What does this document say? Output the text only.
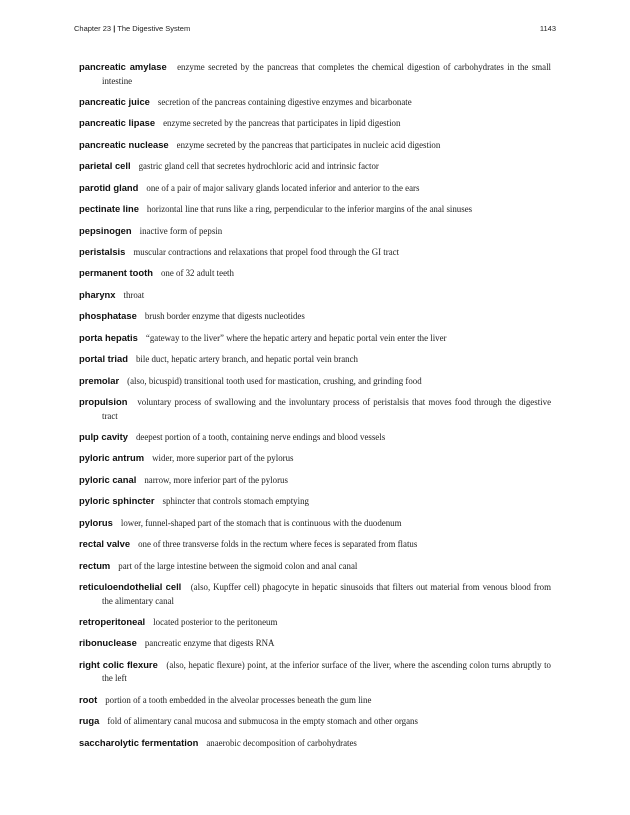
Chapter 23 | The Digestive System	1143

pancreatic amylase enzyme secreted by the pancreas that completes the chemical digestion of carbohydrates in the small intestine

pancreatic juice secretion of the pancreas containing digestive enzymes and bicarbonate

pancreatic lipase enzyme secreted by the pancreas that participates in lipid digestion

pancreatic nuclease enzyme secreted by the pancreas that participates in nucleic acid digestion

parietal cell gastric gland cell that secretes hydrochloric acid and intrinsic factor

parotid gland one of a pair of major salivary glands located inferior and anterior to the ears

pectinate line horizontal line that runs like a ring, perpendicular to the inferior margins of the anal sinuses

pepsinogen inactive form of pepsin

peristalsis muscular contractions and relaxations that propel food through the GI tract

permanent tooth one of 32 adult teeth

pharynx throat

phosphatase brush border enzyme that digests nucleotides

porta hepatis “gateway to the liver” where the hepatic artery and hepatic portal vein enter the liver

portal triad bile duct, hepatic artery branch, and hepatic portal vein branch

premolar (also, bicuspid) transitional tooth used for mastication, crushing, and grinding food

propulsion voluntary process of swallowing and the involuntary process of peristalsis that moves food through the digestive tract

pulp cavity deepest portion of a tooth, containing nerve endings and blood vessels

pyloric antrum wider, more superior part of the pylorus

pyloric canal narrow, more inferior part of the pylorus

pyloric sphincter sphincter that controls stomach emptying

pylorus lower, funnel-shaped part of the stomach that is continuous with the duodenum

rectal valve one of three transverse folds in the rectum where feces is separated from flatus

rectum part of the large intestine between the sigmoid colon and anal canal

reticuloendothelial cell (also, Kupffer cell) phagocyte in hepatic sinusoids that filters out material from venous blood from the alimentary canal

retroperitoneal located posterior to the peritoneum

ribonuclease pancreatic enzyme that digests RNA

right colic flexure (also, hepatic flexure) point, at the inferior surface of the liver, where the ascending colon turns abruptly to the left

root portion of a tooth embedded in the alveolar processes beneath the gum line

ruga fold of alimentary canal mucosa and submucosa in the empty stomach and other organs

saccharolytic fermentation anaerobic decomposition of carbohydrates
